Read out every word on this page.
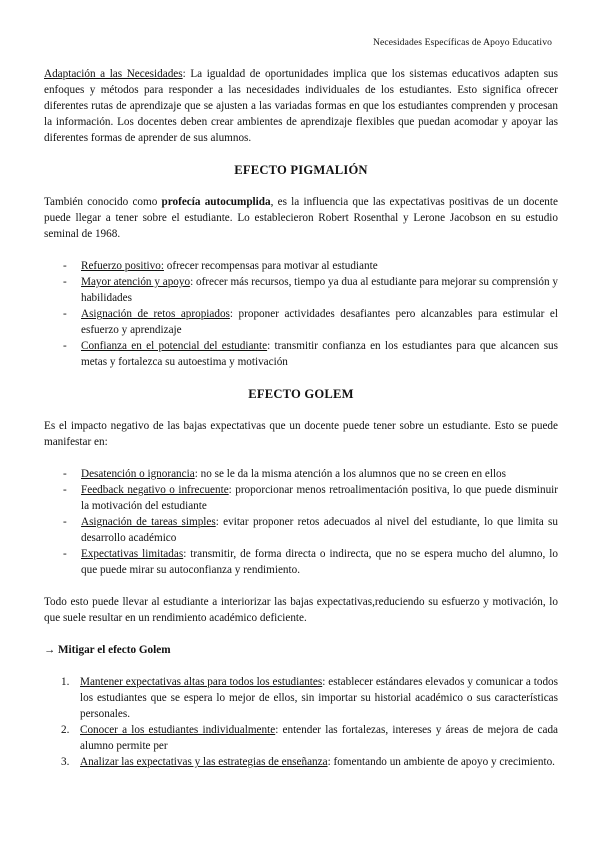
Necesidades Específicas de Apoyo Educativo

Adaptación a las Necesidades: La igualdad de oportunidades implica que los sistemas educativos adapten sus enfoques y métodos para responder a las necesidades individuales de los estudiantes. Esto significa ofrecer diferentes rutas de aprendizaje que se ajusten a las variadas formas en que los estudiantes comprenden y procesan la información. Los docentes deben crear ambientes de aprendizaje flexibles que puedan acomodar y apoyar las diferentes formas de aprender de sus alumnos.

EFECTO PIGMALIÓN

También conocido como profecía autocumplida, es la influencia que las expectativas positivas de un docente puede llegar a tener sobre el estudiante. Lo establecieron Robert Rosenthal y Lerone Jacobson en su estudio seminal de 1968.

- Refuerzo positivo: ofrecer recompensas para motivar al estudiante
- Mayor atención y apoyo: ofrecer más recursos, tiempo ya dua al estudiante para mejorar su comprensión y habilidades
- Asignación de retos apropiados: proponer actividades desafiantes pero alcanzables para estimular el esfuerzo y aprendizaje
- Confianza en el potencial del estudiante: transmitir confianza en los estudiantes para que alcancen sus metas y fortalezca su autoestima y motivación
EFECTO GOLEM

Es el impacto negativo de las bajas expectativas que un docente puede tener sobre un estudiante. Esto se puede manifestar en:

- Desatención o ignorancia: no se le da la misma atención a los alumnos que no se creen en ellos
- Feedback negativo o infrecuente: proporcionar menos retroalimentación positiva, lo que puede disminuir la motivación del estudiante
- Asignación de tareas simples: evitar proponer retos adecuados al nivel del estudiante, lo que limita su desarrollo académico
- Expectativas limitadas: transmitir, de forma directa o indirecta, que no se espera mucho del alumno, lo que puede mirar su autoconfianza y rendimiento.

Todo esto puede llevar al estudiante a interiorizar las bajas expectativas,reduciendo su esfuerzo y motivación, lo que suele resultar en un rendimiento académico deficiente.

→ Mitigar el efecto Golem
1. Mantener expectativas altas para todos los estudiantes: establecer estándares elevados y comunicar a todos los estudiantes que se espera lo mejor de ellos, sin importar su historial académico o sus características personales.
2. Conocer a los estudiantes individualmente: entender las fortalezas, intereses y áreas de mejora de cada alumno permite per
3. Analizar las expectativas y las estrategias de enseñanza: fomentando un ambiente de apoyo y crecimiento.
